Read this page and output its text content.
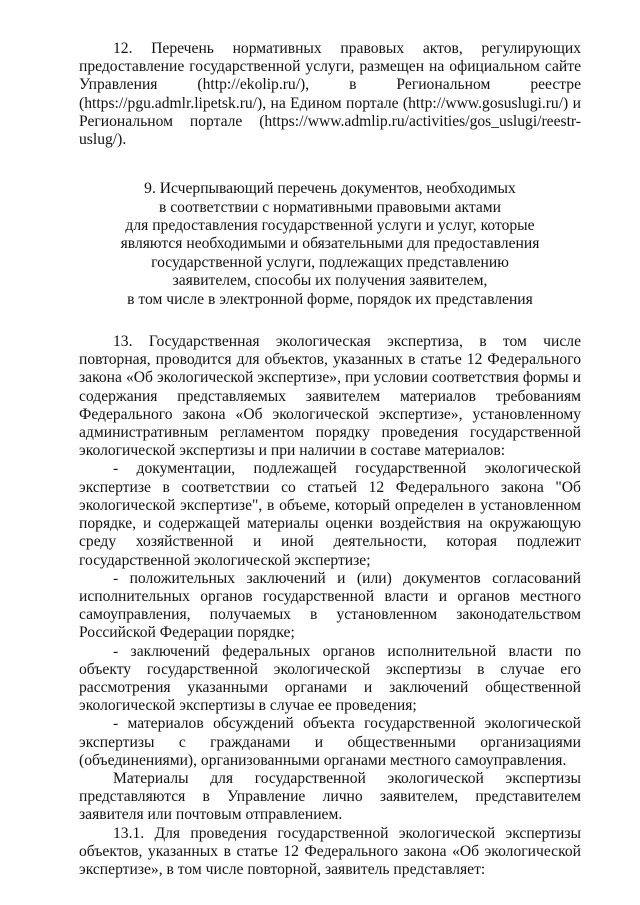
12. Перечень нормативных правовых актов, регулирующих предоставление государственной услуги, размещен на официальном сайте Управления (http://ekolip.ru/), в Региональном реестре (https://pgu.admlr.lipetsk.ru/), на Едином портале (http://www.gosuslugi.ru/) и Региональном портале (https://www.admlip.ru/activities/gos_uslugi/reestr-uslug/).

9. Исчерпывающий перечень документов, необходимых
в соответствии с нормативными правовыми актами
для предоставления государственной услуги и услуг, которые
являются необходимыми и обязательными для предоставления
государственной услуги, подлежащих представлению
заявителем, способы их получения заявителем,
в том числе в электронной форме, порядок их представления

13. Государственная экологическая экспертиза, в том числе повторная, проводится для объектов, указанных в статье 12 Федерального закона «Об экологической экспертизе», при условии соответствия формы и содержания представляемых заявителем материалов требованиям Федерального закона «Об экологической экспертизе», установленному административным регламентом порядку проведения государственной экологической экспертизы и при наличии в составе материалов:

- документации, подлежащей государственной экологической экспертизе в соответствии со статьей 12 Федерального закона "Об экологической экспертизе", в объеме, который определен в установленном порядке, и содержащей материалы оценки воздействия на окружающую среду хозяйственной и иной деятельности, которая подлежит государственной экологической экспертизе;

- положительных заключений и (или) документов согласований исполнительных органов государственной власти и органов местного самоуправления, получаемых в установленном законодательством Российской Федерации порядке;

- заключений федеральных органов исполнительной власти по объекту государственной экологической экспертизы в случае его рассмотрения указанными органами и заключений общественной экологической экспертизы в случае ее проведения;

- материалов обсуждений объекта государственной экологической экспертизы с гражданами и общественными организациями (объединениями), организованными органами местного самоуправления.

Материалы для государственной экологической экспертизы представляются в Управление лично заявителем, представителем заявителя или почтовым отправлением.

13.1. Для проведения государственной экологической экспертизы объектов, указанных в статье 12 Федерального закона «Об экологической экспертизе», в том числе повторной, заявитель представляет:
